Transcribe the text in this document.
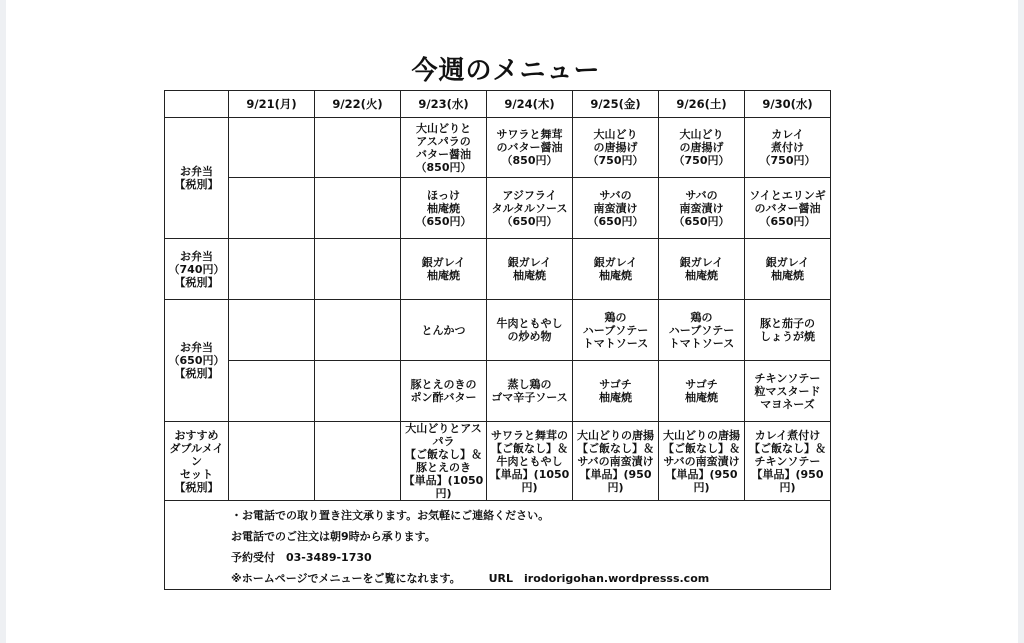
今週のメニュー
	9/21(月)	9/22(火)	9/23(水)	9/24(木)	9/25(金)	9/26(土)	9/30(水)
お弁当
【税別】			大山どりと
アスパラの
バター醤油
（850円）	サワラと舞茸
のバター醤油
（850円）	大山どり
の唐揚げ
（750円）	大山どり
の唐揚げ
（750円）	カレイ
煮付け
（750円）
			ほっけ
柚庵焼
（650円）	アジフライ
タルタルソース
（650円）	サバの
南蛮漬け
（650円）	サバの
南蛮漬け
（650円）	ソイとエリンギ
のバター醤油
（650円）
お弁当
（740円）
【税別】			銀ガレイ
柚庵焼	銀ガレイ
柚庵焼	銀ガレイ
柚庵焼	銀ガレイ
柚庵焼	銀ガレイ
柚庵焼
お弁当
（650円）
【税別】			とんかつ	牛肉ともやし
の炒め物	鶏の
ハーブソテー
トマトソース	鶏の
ハーブソテー
トマトソース	豚と茄子の
しょうが焼
			豚とえのきの
ポン酢バター	蒸し鶏の
ゴマ辛子ソース	サゴチ
柚庵焼	サゴチ
柚庵焼	チキンソテー
粒マスタード
マヨネーズ
おすすめ
ダブルメイン
セット
【税別】			大山どりとアスパラ
【ご飯なし】＆
豚とえのき
【単品】(1050円)	サワラと舞茸の
【ご飯なし】＆
牛肉ともやし
【単品】(1050円)	大山どりの唐揚
【ご飯なし】＆
サバの南蛮漬け
【単品】(950円)	大山どりの唐揚
【ご飯なし】＆
サバの南蛮漬け
【単品】(950円)	カレイ煮付け
【ご飯なし】＆
チキンソテー
【単品】(950円)

・お電話での取り置き注文承ります。お気軽にご連絡ください。
お電話でのご注文は朝9時から承ります。
予約受付　03-3489-1730
※ホームページでメニューをご覧になれます。 URL　irodorigohan.wordpresss.com							
